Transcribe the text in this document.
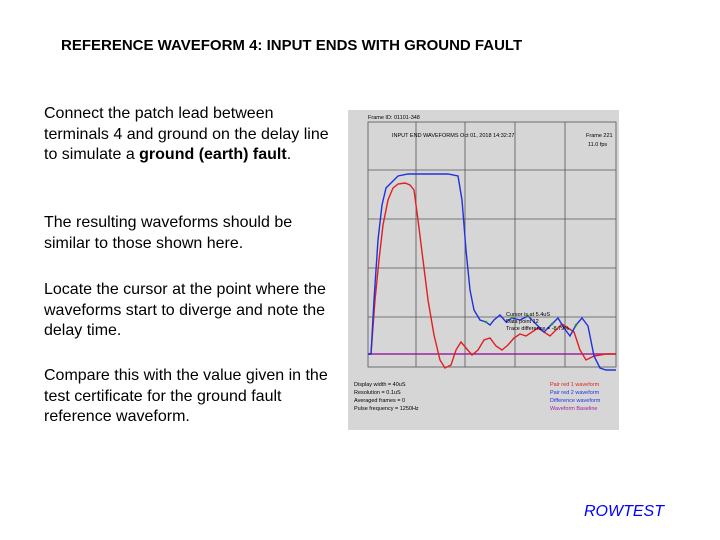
REFERENCE WAVEFORM 4: INPUT ENDS WITH GROUND FAULT

Connect the patch lead between terminals 4 and ground on the delay line to simulate a ground (earth) fault.

The resulting waveforms should be similar to those shown here.

Locate the cursor at the point where the waveforms start to diverge and note the delay time.

Compare this with the value given in the test certificate for the ground fault reference waveform.

Frame ID: 01101-348
INPUT END WAVEFORMS Oct 01, 2018 14:32:27	Frame 221
11.0 fps
Cursor is at 5.4uS
Data point 12
Trace difference = -8.79%
Display width = 40uS
Resolution = 0.1uS
Averaged frames = 0
Pulse frequency = 1250Hz
Pair red 1 waveform
Pair red 2 waveform
Difference waveform
Waveform Baseline
ROWTEST
